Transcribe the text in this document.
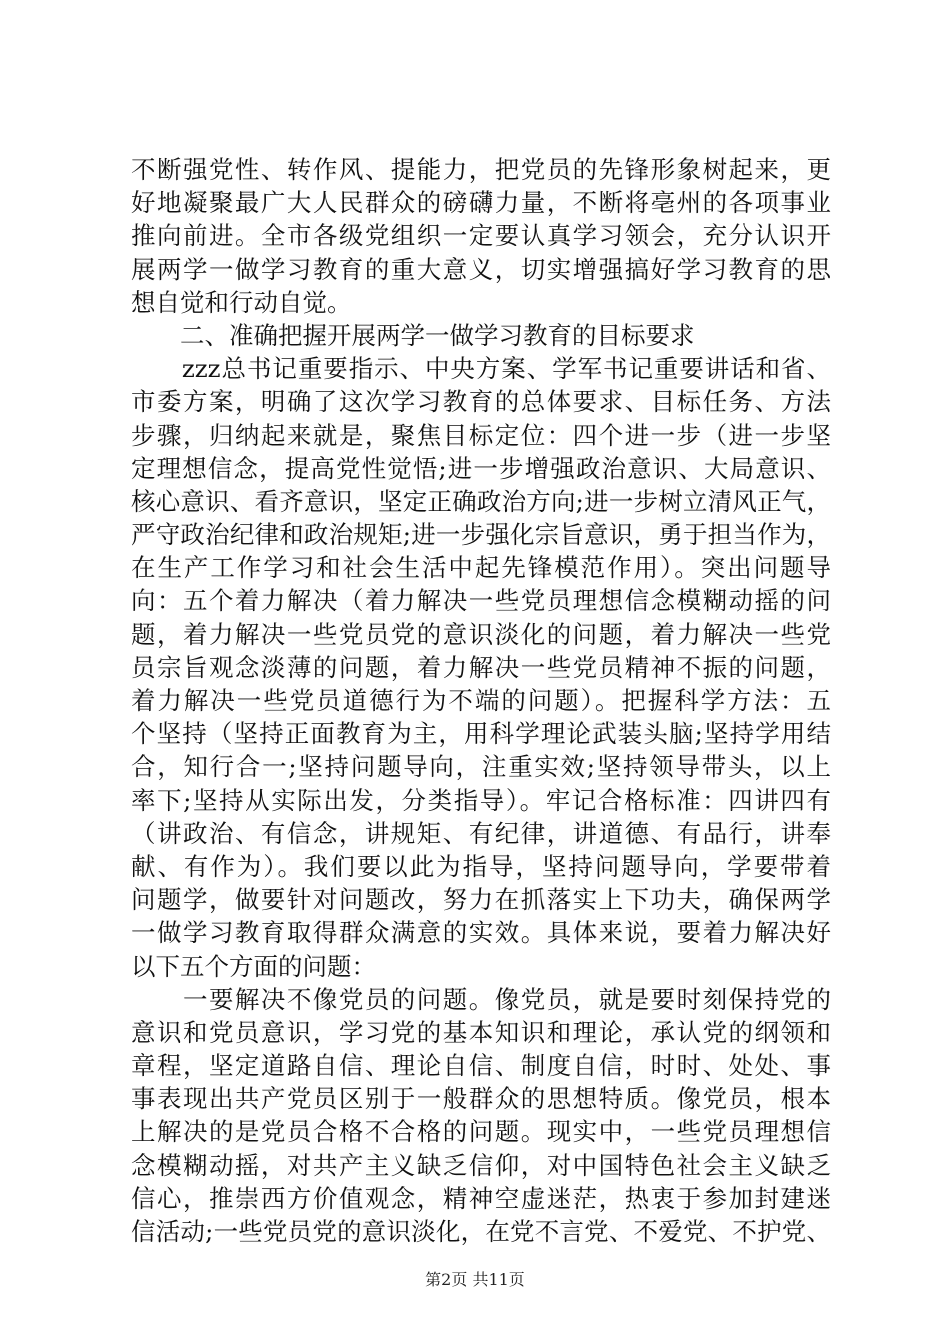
不断强党性、转作风、提能力，把党员的先锋形象树起来，更
好地凝聚最广大人民群众的磅礴力量，不断将亳州的各项事业
推向前进。全市各级党组织一定要认真学习领会，充分认识开
展两学一做学习教育的重大意义，切实增强搞好学习教育的思
想自觉和行动自觉。
　　二、准确把握开展两学一做学习教育的目标要求
　　zzz总书记重要指示、中央方案、学军书记重要讲话和省、
市委方案，明确了这次学习教育的总体要求、目标任务、方法
步骤，归纳起来就是，聚焦目标定位：四个进一步（进一步坚
定理想信念，提高党性觉悟;进一步增强政治意识、大局意识、
核心意识、看齐意识，坚定正确政治方向;进一步树立清风正气，
严守政治纪律和政治规矩;进一步强化宗旨意识，勇于担当作为，
在生产工作学习和社会生活中起先锋模范作用）。突出问题导
向：五个着力解决（着力解决一些党员理想信念模糊动摇的问
题，着力解决一些党员党的意识淡化的问题，着力解决一些党
员宗旨观念淡薄的问题，着力解决一些党员精神不振的问题，
着力解决一些党员道德行为不端的问题）。把握科学方法：五
个坚持（坚持正面教育为主，用科学理论武装头脑;坚持学用结
合，知行合一;坚持问题导向，注重实效;坚持领导带头，以上
率下;坚持从实际出发，分类指导）。牢记合格标准：四讲四有
（讲政治、有信念，讲规矩、有纪律，讲道德、有品行，讲奉
献、有作为）。我们要以此为指导，坚持问题导向，学要带着
问题学，做要针对问题改，努力在抓落实上下功夫，确保两学
一做学习教育取得群众满意的实效。具体来说，要着力解决好
以下五个方面的问题：
　　一要解决不像党员的问题。像党员，就是要时刻保持党的
意识和党员意识，学习党的基本知识和理论，承认党的纲领和
章程，坚定道路自信、理论自信、制度自信，时时、处处、事
事表现出共产党员区别于一般群众的思想特质。像党员，根本
上解决的是党员合格不合格的问题。现实中，一些党员理想信
念模糊动摇，对共产主义缺乏信仰，对中国特色社会主义缺乏
信心，推崇西方价值观念，精神空虚迷茫，热衷于参加封建迷
信活动;一些党员党的意识淡化，在党不言党、不爱党、不护党、
第2页 共11页
